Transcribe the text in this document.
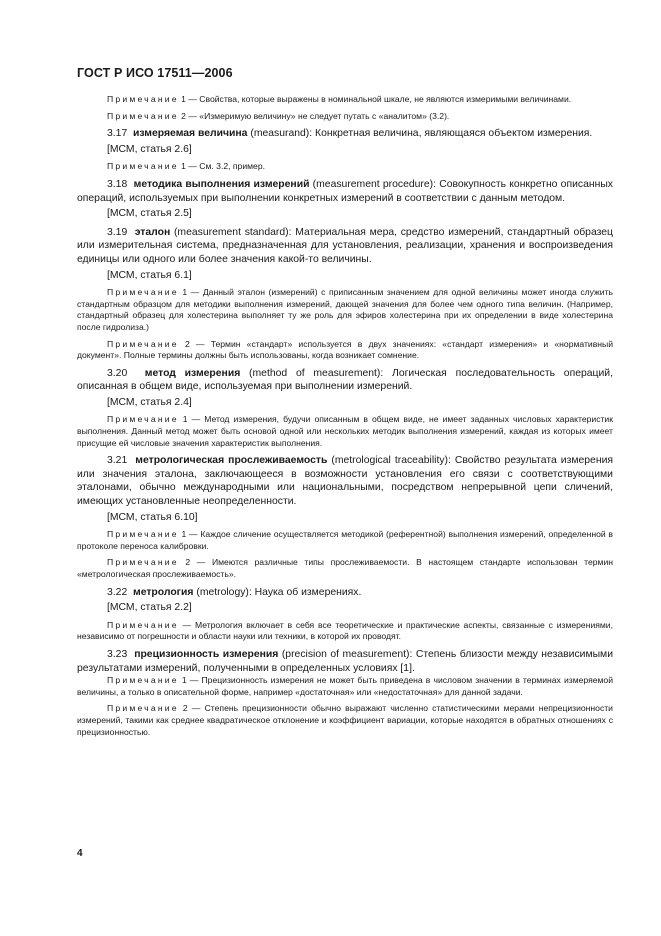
ГОСТ Р ИСО 17511—2006

Примечание 1 — Свойства, которые выражены в номинальной шкале, не являются измеримыми величинами.

Примечание 2 — «Измеримую величину» не следует путать с «аналитом» (3.2).

3.17 измеряемая величина (measurand): Конкретная величина, являющаяся объектом измерения.

[МСМ, статья 2.6]

Примечание 1 — См. 3.2, пример.

3.18 методика выполнения измерений (measurement procedure): Совокупность конкретно описанных операций, используемых при выполнении конкретных измерений в соответствии с данным методом.

[МСМ, статья 2.5]

3.19 эталон (measurement standard): Материальная мера, средство измерений, стандартный образец или измерительная система, предназначенная для установления, реализации, хранения и воспроизведения единицы или одного или более значения какой-то величины.

[МСМ, статья 6.1]

Примечание 1 — Данный эталон (измерений) с приписанным значением для одной величины может иногда служить стандартным образцом для методики выполнения измерений, дающей значения для более чем одного типа величин. (Например, стандартный образец для холестерина выполняет ту же роль для эфиров холестерина при их определении в виде холестерина после гидролиза.)

Примечание 2 — Термин «стандарт» используется в двух значениях: «стандарт измерения» и «нормативный документ». Полные термины должны быть использованы, когда возникает сомнение.

3.20 метод измерения (method of measurement): Логическая последовательность операций, описанная в общем виде, используемая при выполнении измерений.

[МСМ, статья 2.4]

Примечание 1 — Метод измерения, будучи описанным в общем виде, не имеет заданных числовых характеристик выполнения. Данный метод может быть основой одной или нескольких методик выполнения измерений, каждая из которых имеет присущие ей числовые значения характеристик выполнения.

3.21 метрологическая прослеживаемость (metrological traceability): Свойство результата измерения или значения эталона, заключающееся в возможности установления его связи с соответствующими эталонами, обычно международными или национальными, посредством непрерывной цепи сличений, имеющих установленные неопределенности.

[МСМ, статья 6.10]

Примечание 1 — Каждое сличение осуществляется методикой (референтной) выполнения измерений, определенной в протоколе переноса калибровки.

Примечание 2 — Имеются различные типы прослеживаемости. В настоящем стандарте использован термин «метрологическая прослеживаемость».

3.22 метрология (metrology): Наука об измерениях.

[МСМ, статья 2.2]

Примечание — Метрология включает в себя все теоретические и практические аспекты, связанные с измерениями, независимо от погрешности и области науки или техники, в которой их проводят.

3.23 прецизионность измерения (precision of measurement): Степень близости между независимыми результатами измерений, полученными в определенных условиях [1].

Примечание 1 — Прецизионность измерения не может быть приведена в числовом значении в терминах измеряемой величины, а только в описательной форме, например «достаточная» или «недостаточная» для данной задачи.

Примечание 2 — Степень прецизионности обычно выражают численно статистическими мерами непрецизионности измерений, такими как среднее квадратическое отклонение и коэффициент вариации, которые находятся в обратных отношениях с прецизионностью.

4
